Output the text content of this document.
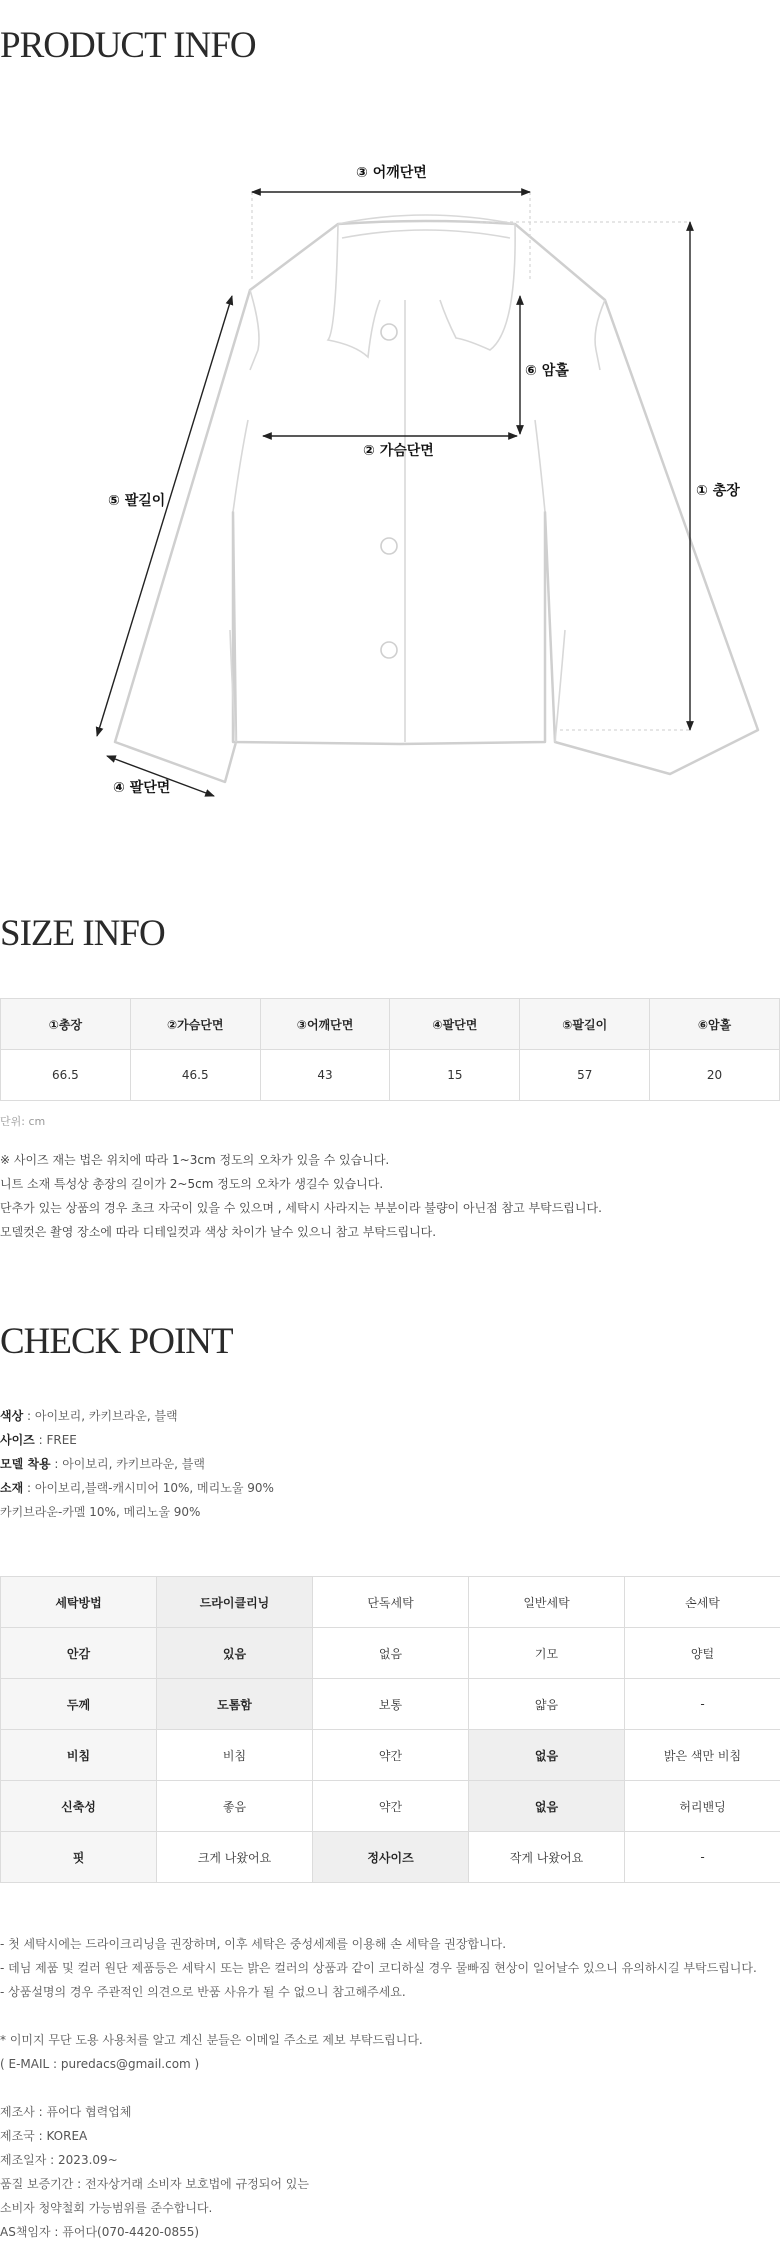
PRODUCT INFO
③ 어깨단면
⑥ 암홀
② 가슴단면
⑤ 팔길이
① 총장
④ 팔단면
SIZE INFO
①총장	②가슴단면	③어깨단면	④팔단면	⑤팔길이	⑥암홀
66.5	46.5	43	15	57	20

단위: cm

※ 사이즈 재는 법은 위치에 따라 1~3cm 정도의 오차가 있을 수 있습니다.
니트 소재 특성상 총장의 길이가 2~5cm 정도의 오차가 생길수 있습니다.
단추가 있는 상품의 경우 초크 자국이 있을 수 있으며 , 세탁시 사라지는 부분이라 불량이 아닌점 참고 부탁드립니다.
모델컷은 촬영 장소에 따라 디테일컷과 색상 차이가 날수 있으니 참고 부탁드립니다.
CHECK POINT
색상 : 아이보리, 카키브라운, 블랙
사이즈 : FREE
모델 착용 : 아이보리, 카키브라운, 블랙
소재 : 아이보리,블랙-캐시미어 10%, 메리노울 90%
카키브라운-카멜 10%, 메리노울 90%
세탁방법	드라이클리닝	단독세탁	일반세탁	손세탁
안감	있음	없음	기모	양털
두께	도톰함	보통	얇음	-
비침	비침	약간	없음	밝은 색만 비침
신축성	좋음	약간	없음	허리밴딩
핏	크게 나왔어요	정사이즈	작게 나왔어요	-
- 첫 세탁시에는 드라이크리닝을 권장하며, 이후 세탁은 중성세제를 이용해 손 세탁을 권장합니다.
- 데님 제품 및 컬러 원단 제품등은 세탁시 또는 밝은 컬러의 상품과 같이 코디하실 경우 물빠짐 현상이 일어날수 있으니 유의하시길 부탁드립니다.
- 상품설명의 경우 주관적인 의견으로 반품 사유가 될 수 없으니 참고해주세요.
* 이미지 무단 도용 사용처를 알고 계신 분들은 이메일 주소로 제보 부탁드립니다.
( E-MAIL : puredacs@gmail.com )
제조사 : 퓨어다 협력업체
제조국 : KOREA
제조일자 : 2023.09~
품질 보증기간 : 전자상거래 소비자 보호법에 규정되어 있는
소비자 청약철회 가능범위를 준수합니다.
AS책임자 : 퓨어다(070-4420-0855)
